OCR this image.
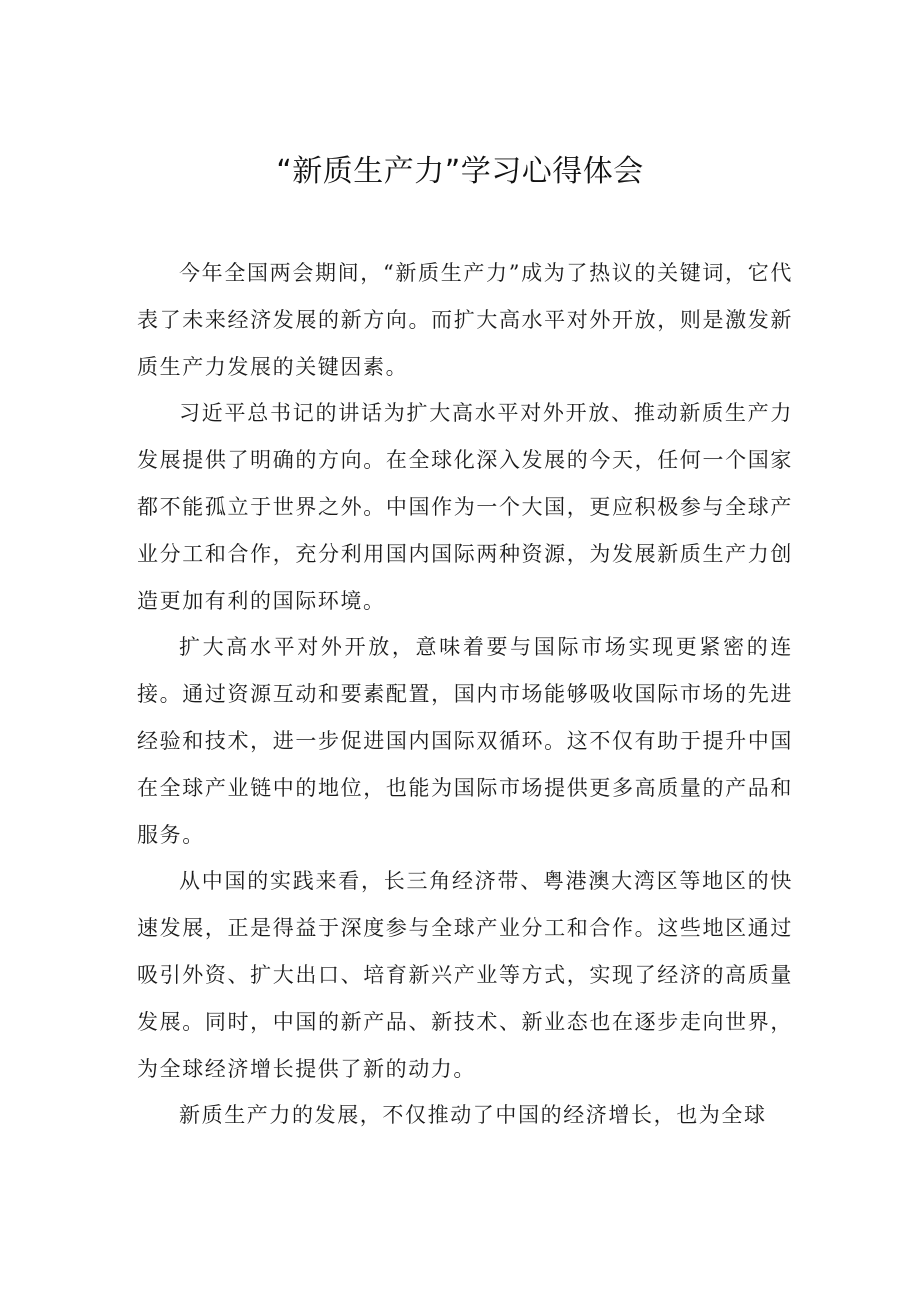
“新质生产力”学习心得体会

今年全国两会期间，“新质生产力”成为了热议的关键词，它代表了未来经济发展的新方向。而扩大高水平对外开放，则是激发新质生产力发展的关键因素。

习近平总书记的讲话为扩大高水平对外开放、推动新质生产力发展提供了明确的方向。在全球化深入发展的今天，任何一个国家都不能孤立于世界之外。中国作为一个大国，更应积极参与全球产业分工和合作，充分利用国内国际两种资源，为发展新质生产力创造更加有利的国际环境。

扩大高水平对外开放，意味着要与国际市场实现更紧密的连接。通过资源互动和要素配置，国内市场能够吸收国际市场的先进经验和技术，进一步促进国内国际双循环。这不仅有助于提升中国在全球产业链中的地位，也能为国际市场提供更多高质量的产品和服务。

从中国的实践来看，长三角经济带、粤港澳大湾区等地区的快速发展，正是得益于深度参与全球产业分工和合作。这些地区通过吸引外资、扩大出口、培育新兴产业等方式，实现了经济的高质量发展。同时，中国的新产品、新技术、新业态也在逐步走向世界，为全球经济增长提供了新的动力。

新质生产力的发展，不仅推动了中国的经济增长，也为全球
